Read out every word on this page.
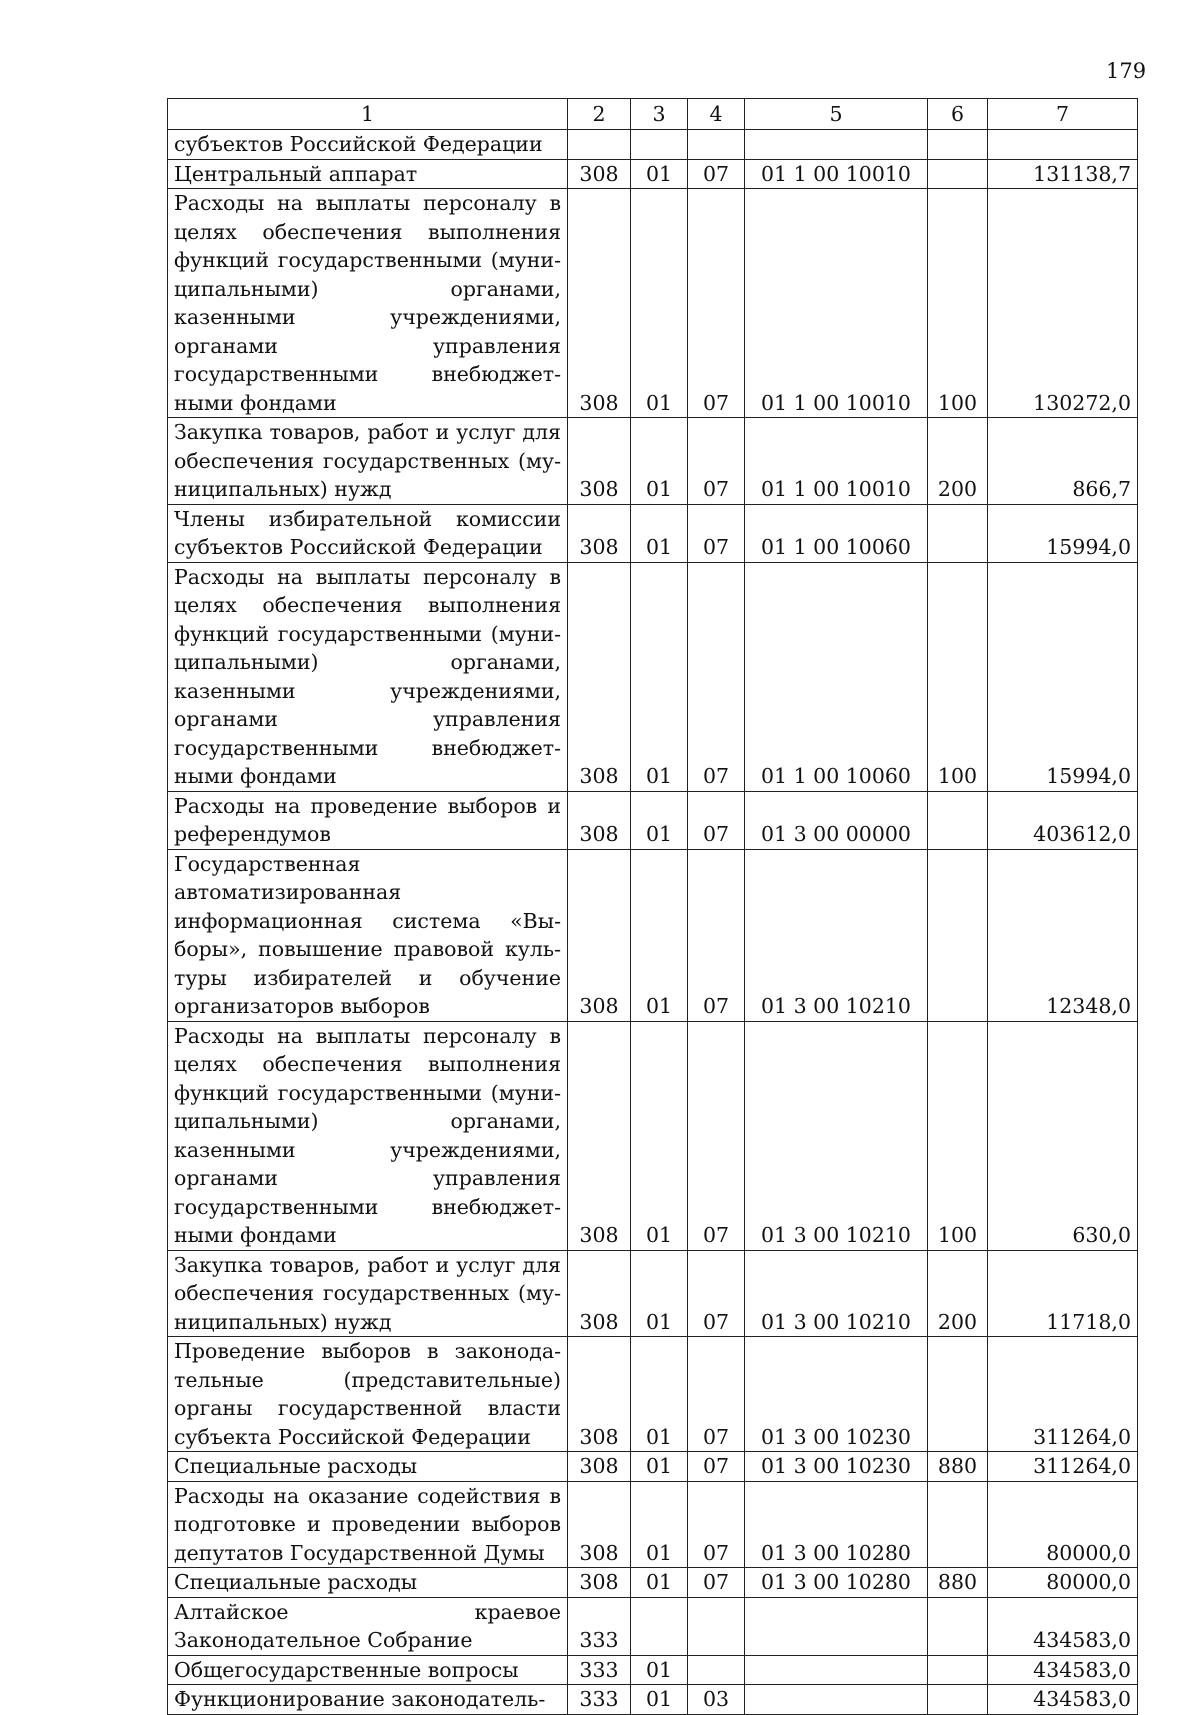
179
1	2	3	4	5	6	7
субъектов Российской Федерации						
Центральный аппарат	308	01	07	01 1 00 10010		131138,7
Расходы на выплаты персоналу в целях обеспечения выполнения функций государственными (муниципальными) органами, казенными учреждениями, органами управления государственными внебюджетными фондами	308	01	07	01 1 00 10010	100	130272,0
Закупка товаров, работ и услуг для обеспечения государственных (муниципальных) нужд	308	01	07	01 1 00 10010	200	866,7
Члены избирательной комиссии субъектов Российской Федерации	308	01	07	01 1 00 10060		15994,0
Расходы на выплаты персоналу в целях обеспечения выполнения функций государственными (муниципальными) органами, казенными учреждениями, органами управления государственными внебюджетными фондами	308	01	07	01 1 00 10060	100	15994,0
Расходы на проведение выборов и референдумов	308	01	07	01 3 00 00000		403612,0
Государственная автоматизированная информационная система «Выборы», повышение правовой культуры избирателей и обучение организаторов выборов	308	01	07	01 3 00 10210		12348,0
Расходы на выплаты персоналу в целях обеспечения выполнения функций государственными (муниципальными) органами, казенными учреждениями, органами управления государственными внебюджетными фондами	308	01	07	01 3 00 10210	100	630,0
Закупка товаров, работ и услуг для обеспечения государственных (муниципальных) нужд	308	01	07	01 3 00 10210	200	11718,0
Проведение выборов в законодательные (представительные) органы государственной власти субъекта Российской Федерации	308	01	07	01 3 00 10230		311264,0
Специальные расходы	308	01	07	01 3 00 10230	880	311264,0
Расходы на оказание содействия в подготовке и проведении выборов депутатов Государственной Думы	308	01	07	01 3 00 10280		80000,0
Специальные расходы	308	01	07	01 3 00 10280	880	80000,0
Алтайское краевое Законодательное Собрание	333					434583,0
Общегосударственные вопросы	333	01				434583,0
Функционирование законодатель-	333	01	03			434583,0
